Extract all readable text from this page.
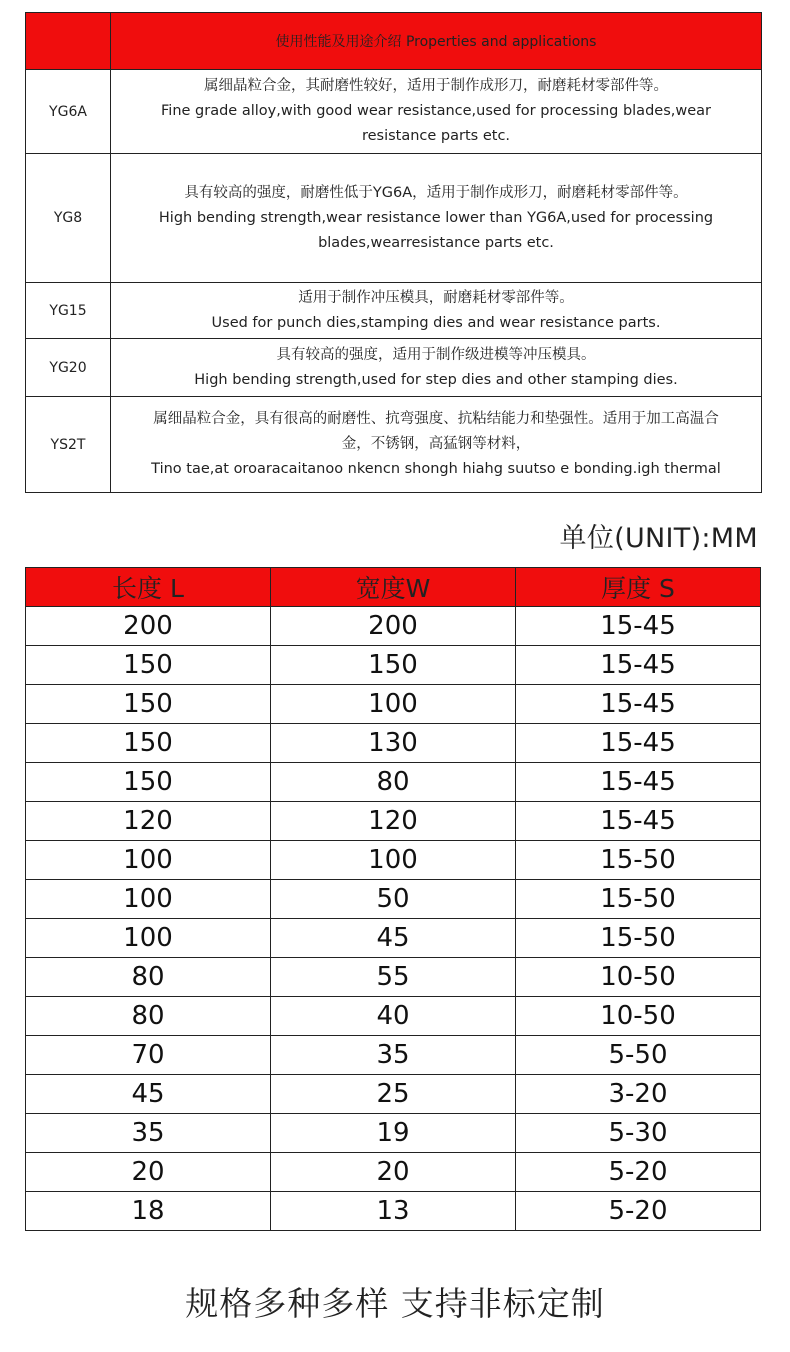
	使用性能及用途介绍 Properties and applications
YG6A	属细晶粒合金，其耐磨性较好，适用于制作成形刀，耐磨耗材零部件等。
Fine grade alloy,with good wear resistance,used for processing blades,wear
resistance parts etc.

YG8	具有较高的强度，耐磨性低于YG6A，适用于制作成形刀，耐磨耗材零部件等。
High bending strength,wear resistance lower than YG6A,used for processing
blades,wearresistance parts etc.

YG15	适用于制作冲压模具，耐磨耗材零部件等。
Used for punch dies,stamping dies and wear resistance parts.

YG20	具有较高的强度，适用于制作级进模等冲压模具。
High bending strength,used for step dies and other stamping dies.

YS2T	属细晶粒合金，具有很高的耐磨性、抗弯强度、抗粘结能力和垫强性。适用于加工高温合
金，不锈钢，高猛钢等材料，
Tino tae,at oroaracaitanoo nkencn shongh hiahg suutso e bonding.igh thermal
单位(UNIT):MM
长度 L	宽度W	厚度 S
200	200	15-45
150	150	15-45
150	100	15-45
150	130	15-45
150	80	15-45
120	120	15-45
100	100	15-50
100	50	15-50
100	45	15-50
80	55	10-50
80	40	10-50
70	35	5-50
45	25	3-20
35	19	5-30
20	20	5-20
18	13	5-20
规格多种多样 支持非标定制
